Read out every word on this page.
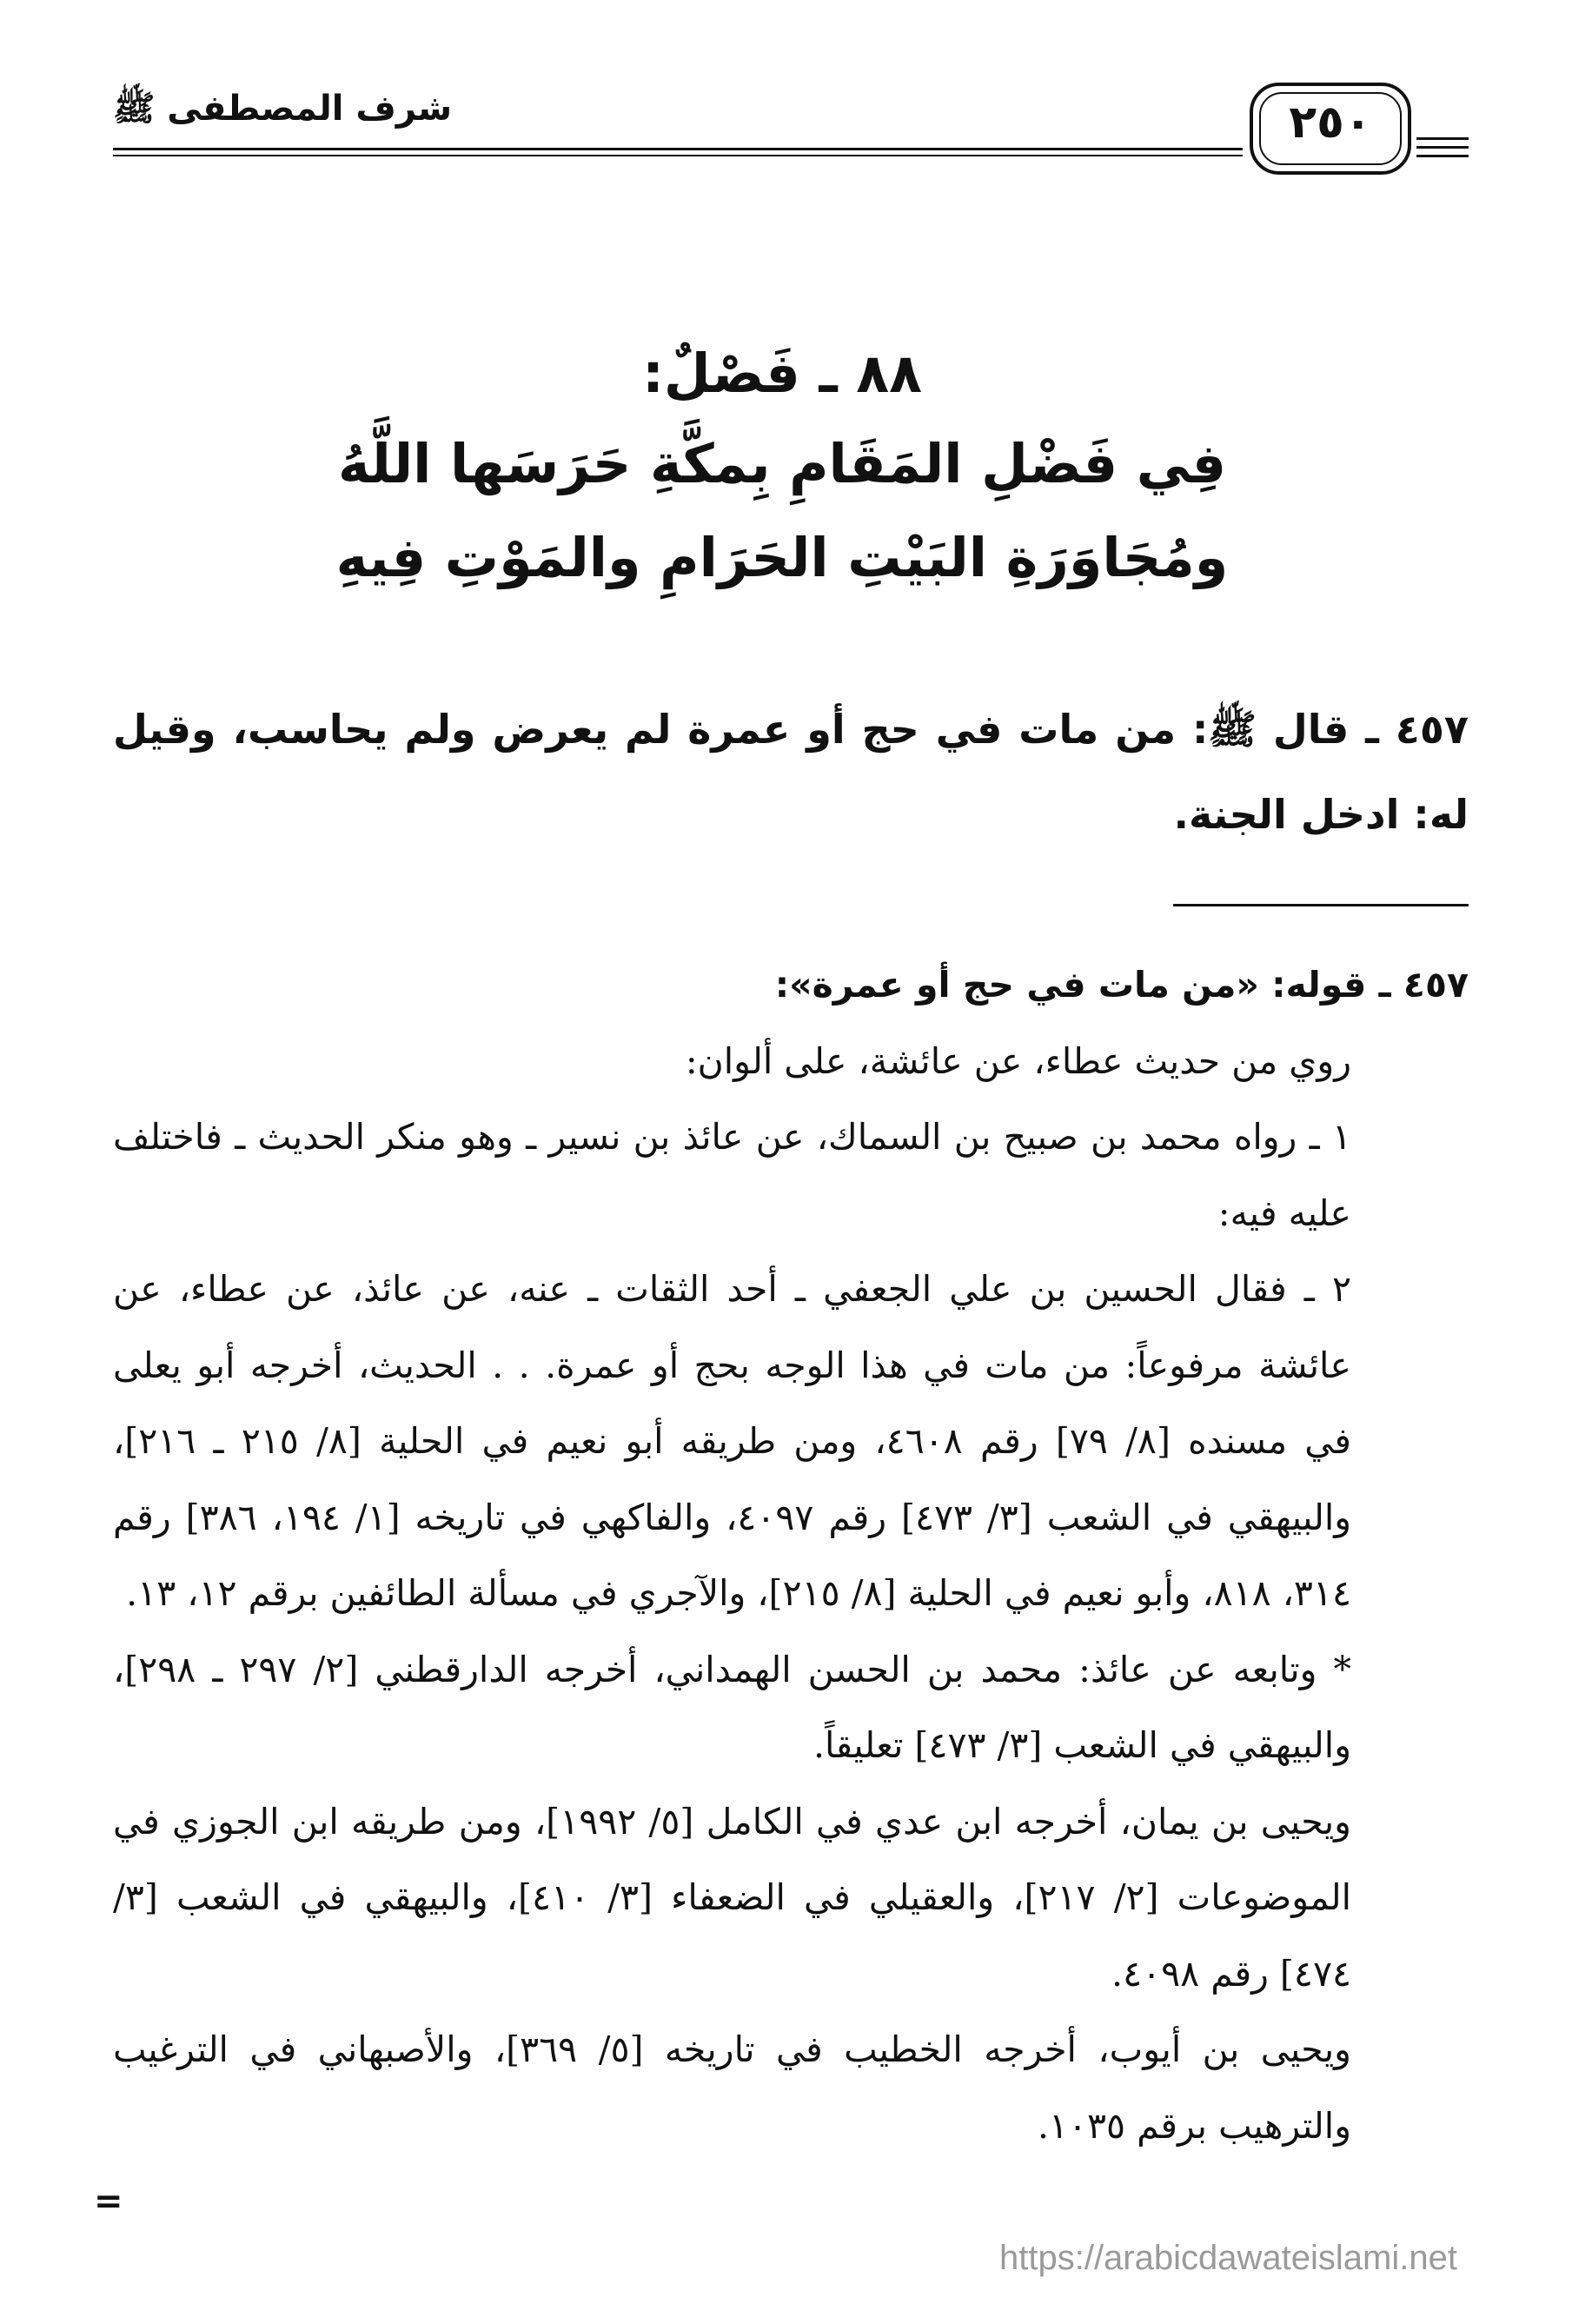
شرف المصطفى ﷺ	٢٥٠
٨٨ ـ فَصْلٌ:
فِي فَضْلِ المَقَامِ بِمكَّةِ حَرَسَها اللَّهُ
ومُجَاوَرَةِ البَيْتِ الحَرَامِ والمَوْتِ فِيهِ
٤٥٧ ـ قال ﷺ: من مات في حج أو عمرة لم يعرض ولم يحاسب، وقيل له: ادخل الجنة.

٤٥٧ ـ قوله: «من مات في حج أو عمرة»:

روي من حديث عطاء، عن عائشة، على ألوان:

١ ـ رواه محمد بن صبيح بن السماك، عن عائذ بن نسير ـ وهو منكر الحديث ـ فاختلف عليه فيه:

٢ ـ فقال الحسين بن علي الجعفي ـ أحد الثقات ـ عنه، عن عائذ، عن عطاء، عن عائشة مرفوعاً: من مات في هذا الوجه بحج أو عمرة. . . الحديث، أخرجه أبو يعلى في مسنده [٨/ ٧٩] رقم ٤٦٠٨، ومن طريقه أبو نعيم في الحلية [٨/ ٢١٥ ـ ٢١٦]، والبيهقي في الشعب [٣/ ٤٧٣] رقم ٤٠٩٧، والفاكهي في تاريخه [١/ ١٩٤، ٣٨٦] رقم ٣١٤، ٨١٨، وأبو نعيم في الحلية [٨/ ٢١٥]، والآجري في مسألة الطائفين برقم ١٢، ١٣.

* وتابعه عن عائذ: محمد بن الحسن الهمداني، أخرجه الدارقطني [٢/ ٢٩٧ ـ ٢٩٨]، والبيهقي في الشعب [٣/ ٤٧٣] تعليقاً.

ويحيى بن يمان، أخرجه ابن عدي في الكامل [٥/ ١٩٩٢]، ومن طريقه ابن الجوزي في الموضوعات [٢/ ٢١٧]، والعقيلي في الضعفاء [٣/ ٤١٠]، والبيهقي في الشعب [٣/ ٤٧٤] رقم ٤٠٩٨.

ويحيى بن أيوب، أخرجه الخطيب في تاريخه [٥/ ٣٦٩]، والأصبهاني في الترغيب والترهيب برقم ١٠٣٥.

=
https://arabicdawateislami.net
